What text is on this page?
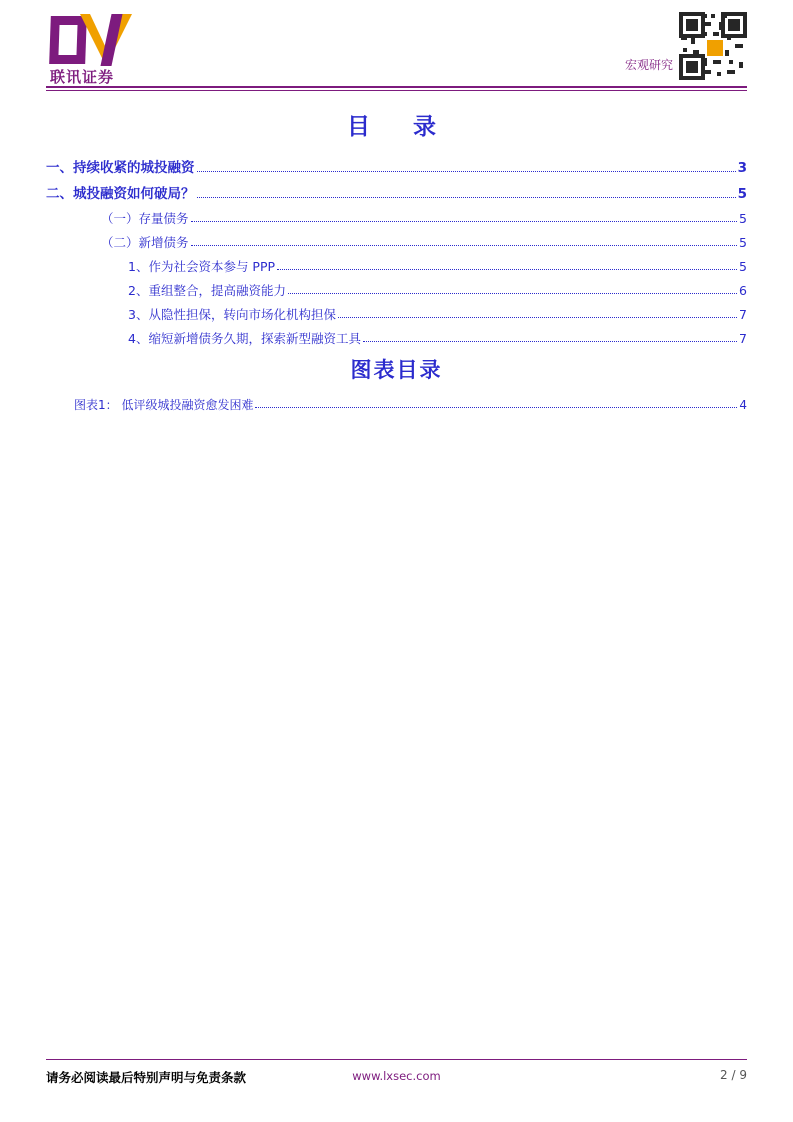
联讯证券
宏观研究
目　录
一、持续收紧的城投融资	3
二、城投融资如何破局？	5
（一）存量债务	5
（二）新增债务	5
1、作为社会资本参与 PPP	5
2、重组整合，提高融资能力	6
3、从隐性担保，转向市场化机构担保	7
4、缩短新增债务久期，探索新型融资工具	7
图表目录
图表1： 低评级城投融资愈发困难	4
请务必阅读最后特别声明与免责条款	www.lxsec.com	2 / 9
